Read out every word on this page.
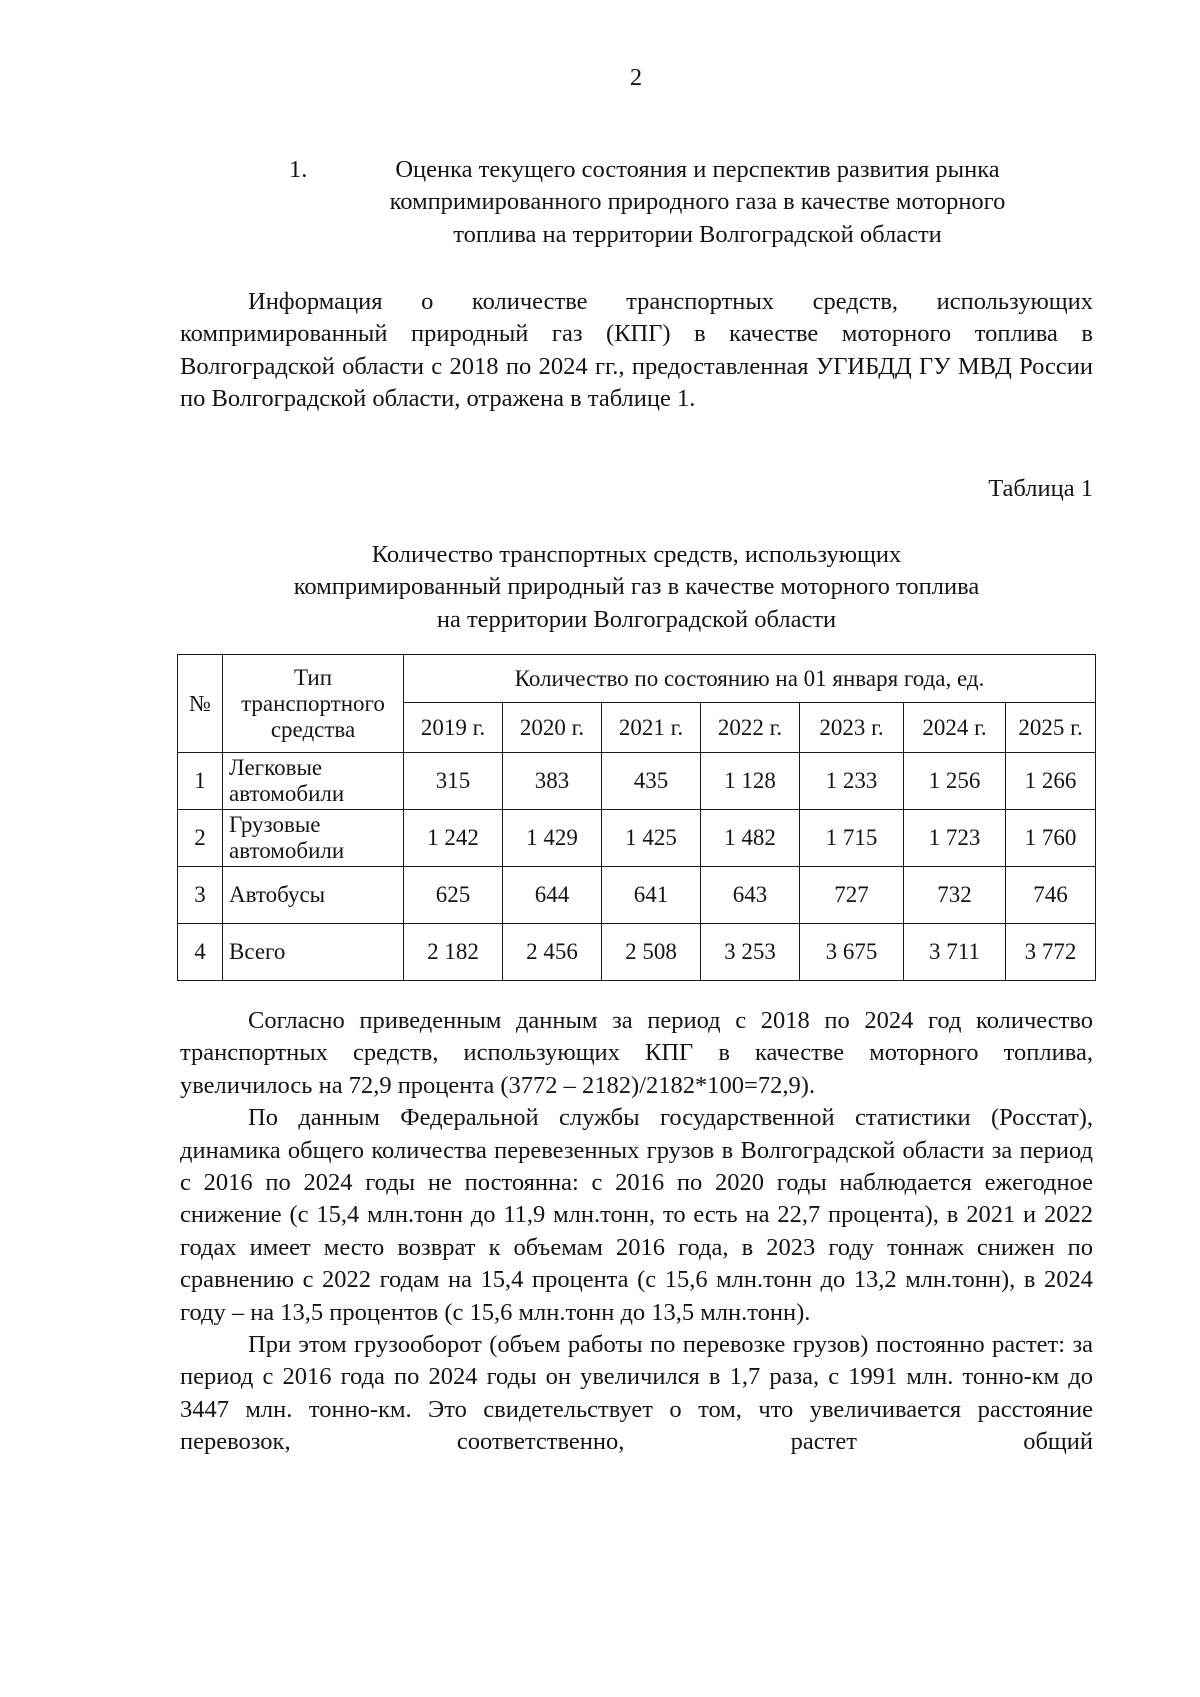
2
1.	Оценка текущего состояния и перспектив развития рынка
компримированного природного газа в качестве моторного
топлива на территории Волгоградской области

Информация о количестве транспортных средств, использующих компримированный природный газ (КПГ) в качестве моторного топлива в Волгоградской области с 2018 по 2024 гг., предоставленная УГИБДД ГУ МВД России по Волгоградской области, отражена в таблице 1.

Таблица 1
Количество транспортных средств, использующих
компримированный природный газ в качестве моторного топлива
на территории Волгоградской области
№	Тип транспортного средства	Количество по состоянию на 01 января года, ед.						
		2019 г.	2020 г.	2021 г.	2022 г.	2023 г.	2024 г.	2025 г.
1	Легковые автомобили	315	383	435	1 128	1 233	1 256	1 266
2	Грузовые автомобили	1 242	1 429	1 425	1 482	1 715	1 723	1 760
3	Автобусы	625	644	641	643	727	732	746
4	Всего	2 182	2 456	2 508	3 253	3 675	3 711	3 772

Согласно приведенным данным за период с 2018 по 2024 год количество транспортных средств, использующих КПГ в качестве моторного топлива, увеличилось на 72,9 процента (3772 – 2182)/2182*100=72,9).

По данным Федеральной службы государственной статистики (Росстат), динамика общего количества перевезенных грузов в Волгоградской области за период с 2016 по 2024 годы не постоянна: с 2016 по 2020 годы наблюдается ежегодное снижение (с 15,4 млн.тонн до 11,9 млн.тонн, то есть на 22,7 процента), в 2021 и 2022 годах имеет место возврат к объемам 2016 года, в 2023 году тоннаж снижен по сравнению с 2022 годам на 15,4 процента (с 15,6 млн.тонн до 13,2 млн.тонн), в 2024 году – на 13,5 процентов (с 15,6 млн.тонн до 13,5 млн.тонн).

При этом грузооборот (объем работы по перевозке грузов) постоянно растет: за период с 2016 года по 2024 годы он увеличился в 1,7 раза, с 1991 млн. тонно-км до 3447 млн. тонно-км. Это свидетельствует о том, что увеличивается расстояние перевозок, соответственно, растет общий
